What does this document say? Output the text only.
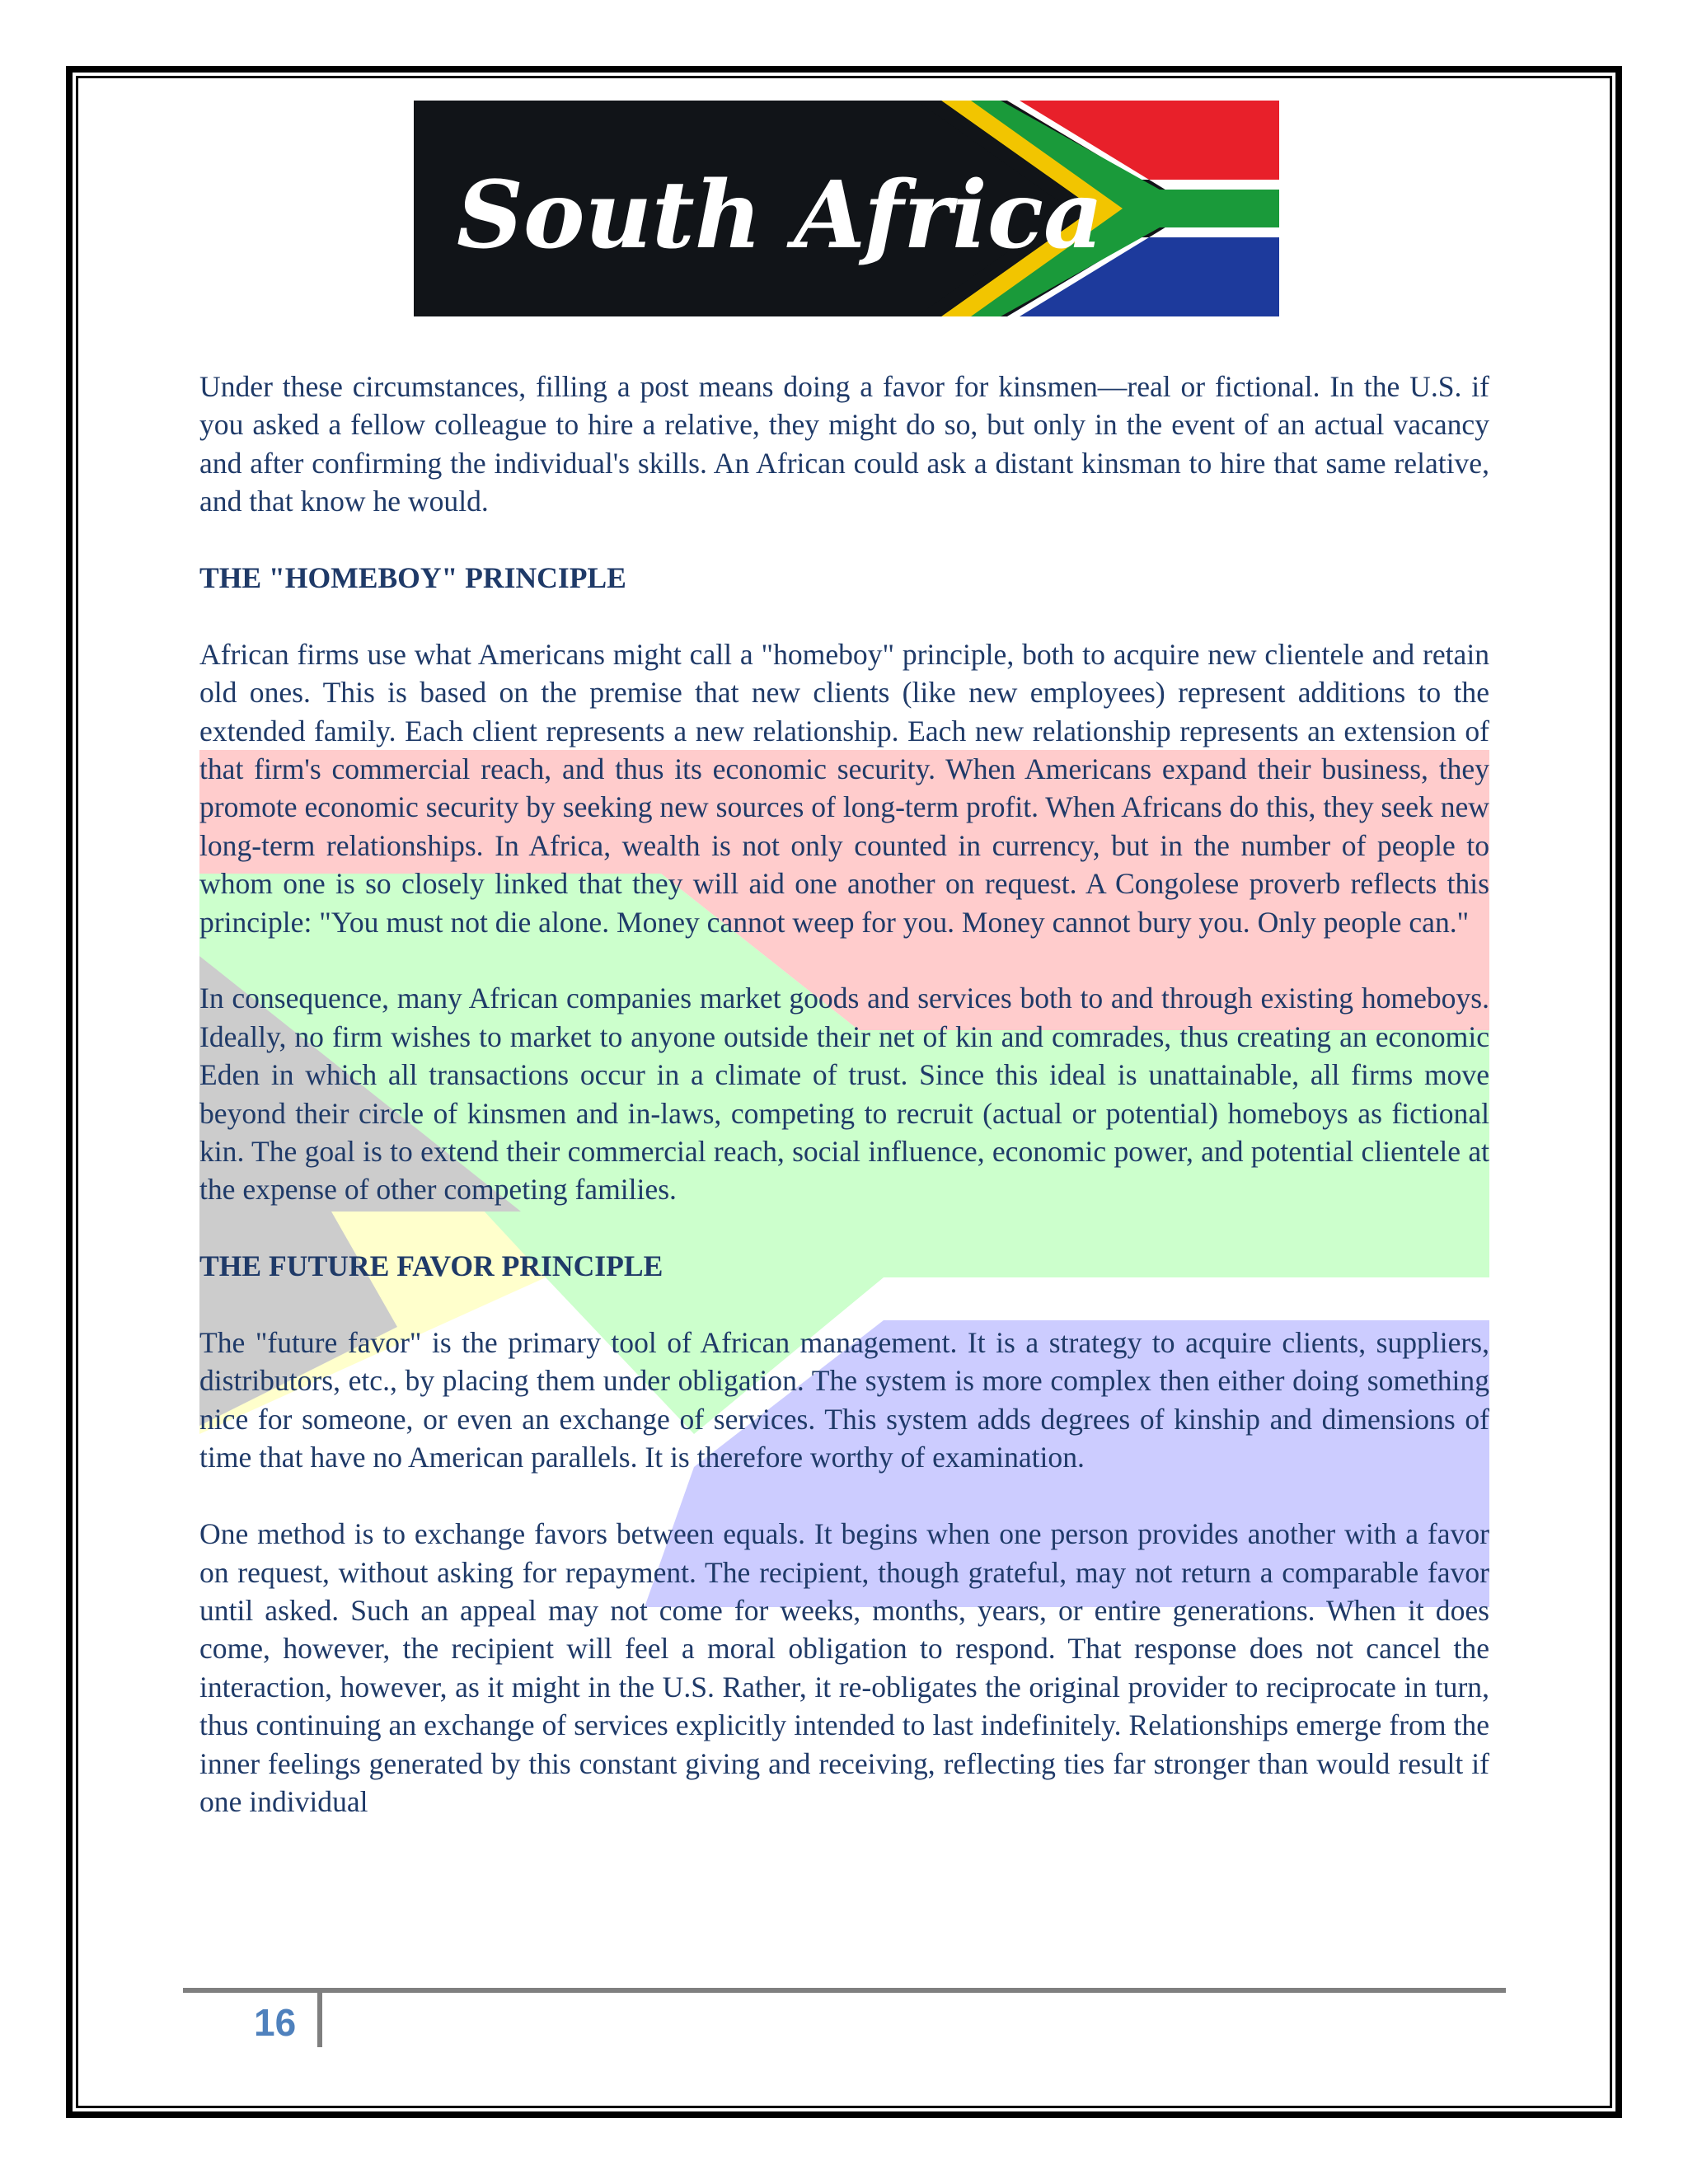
South Africa

Under these circumstances, filling a post means doing a favor for kinsmen—real or fictional. In the U.S. if you asked a fellow colleague to hire a relative, they might do so, but only in the event of an actual vacancy and after confirming the individual's skills. An African could ask a distant kinsman to hire that same relative, and that know he would.

THE "HOMEBOY" PRINCIPLE

African firms use what Americans might call a "homeboy" principle, both to acquire new clientele and retain old ones. This is based on the premise that new clients (like new employees) represent additions to the extended family. Each client represents a new relationship. Each new relationship represents an extension of that firm's commercial reach, and thus its economic security. When Americans expand their business, they promote economic security by seeking new sources of long-term profit. When Africans do this, they seek new long-term relationships. In Africa, wealth is not only counted in currency, but in the number of people to whom one is so closely linked that they will aid one another on request. A Congolese proverb reflects this principle: "You must not die alone. Money cannot weep for you. Money cannot bury you. Only people can."

In consequence, many African companies market goods and services both to and through existing homeboys. Ideally, no firm wishes to market to anyone outside their net of kin and comrades, thus creating an economic Eden in which all transactions occur in a climate of trust. Since this ideal is unattainable, all firms move beyond their circle of kinsmen and in-laws, competing to recruit (actual or potential) homeboys as fictional kin. The goal is to extend their commercial reach, social influence, economic power, and potential clientele at the expense of other competing families.

THE FUTURE FAVOR PRINCIPLE

The "future favor" is the primary tool of African management. It is a strategy to acquire clients, suppliers, distributors, etc., by placing them under obligation. The system is more complex then either doing something nice for someone, or even an exchange of services. This system adds degrees of kinship and dimensions of time that have no American parallels. It is therefore worthy of examination.

One method is to exchange favors between equals. It begins when one person provides another with a favor on request, without asking for repayment. The recipient, though grateful, may not return a comparable favor until asked. Such an appeal may not come for weeks, months, years, or entire generations. When it does come, however, the recipient will feel a moral obligation to respond. That response does not cancel the interaction, however, as it might in the U.S. Rather, it re-obligates the original provider to reciprocate in turn, thus continuing an exchange of services explicitly intended to last indefinitely. Relationships emerge from the inner feelings generated by this constant giving and receiving, reflecting ties far stronger than would result if one individual

16
